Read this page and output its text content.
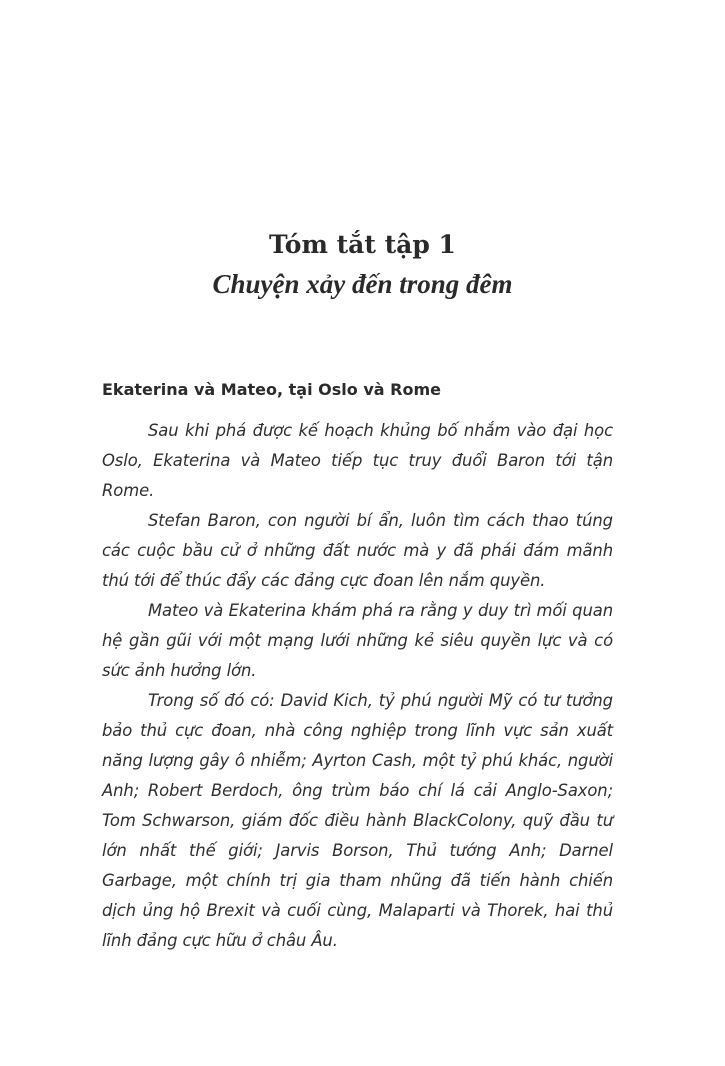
Tóm tắt tập 1
Chuyện xảy đến trong đêm
Ekaterina và Mateo, tại Oslo và Rome

Sau khi phá được kế hoạch khủng bố nhắm vào đại học Oslo, Ekaterina và Mateo tiếp tục truy đuổi Baron tới tận Rome.

Stefan Baron, con người bí ẩn, luôn tìm cách thao túng các cuộc bầu cử ở những đất nước mà y đã phái đám mãnh thú tới để thúc đẩy các đảng cực đoan lên nắm quyền.

Mateo và Ekaterina khám phá ra rằng y duy trì mối quan hệ gần gũi với một mạng lưới những kẻ siêu quyền lực và có sức ảnh hưởng lớn.

Trong số đó có: David Kich, tỷ phú người Mỹ có tư tưởng bảo thủ cực đoan, nhà công nghiệp trong lĩnh vực sản xuất năng lượng gây ô nhiễm; Ayrton Cash, một tỷ phú khác, người Anh; Robert Berdoch, ông trùm báo chí lá cải Anglo-Saxon; Tom Schwarson, giám đốc điều hành BlackColony, quỹ đầu tư lớn nhất thế giới; Jarvis Borson, Thủ tướng Anh; Darnel Garbage, một chính trị gia tham nhũng đã tiến hành chiến dịch ủng hộ Brexit và cuối cùng, Malaparti và Thorek, hai thủ lĩnh đảng cực hữu ở châu Âu.
